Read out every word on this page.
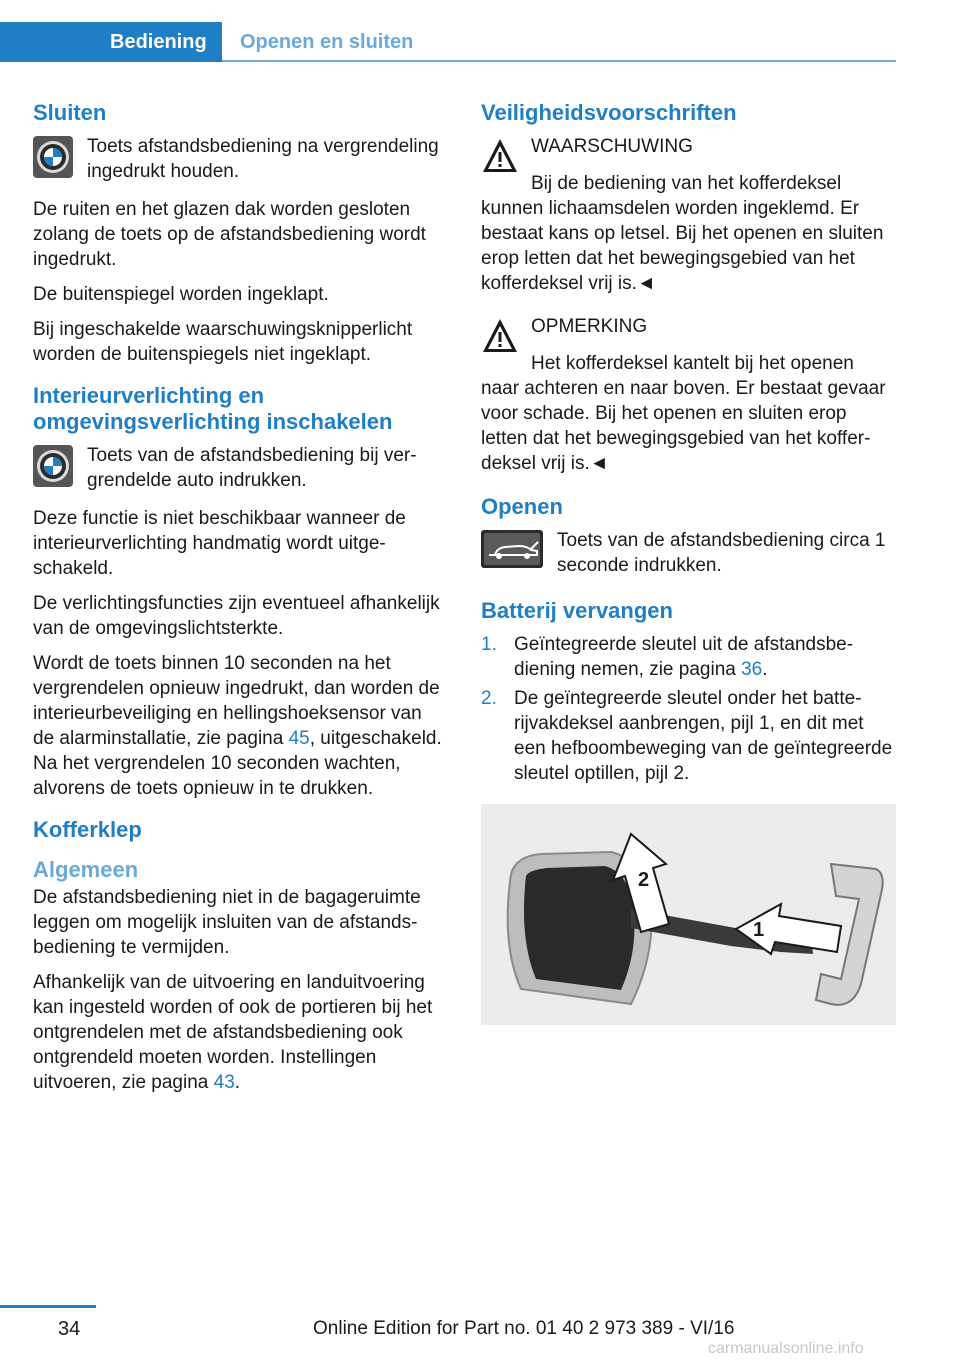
Bediening	Openen en sluiten
Sluiten
Toets afstandsbediening na vergrendeling ingedrukt houden.

De ruiten en het glazen dak worden gesloten zolang de toets op de afstandsbediening wordt ingedrukt.

De buitenspiegel worden ingeklapt.

Bij ingeschakelde waarschuwingsknipperlicht worden de buitenspiegels niet ingeklapt.

Interieurverlichting en omgevingsverlichting inschakelen
Toets van de afstandsbediening bij vergrendelde auto indrukken.

Deze functie is niet beschikbaar wanneer de interieurverlichting handmatig wordt uitgeschakeld.

De verlichtingsfuncties zijn eventueel afhankelijk van de omgevingslichtsterkte.

Wordt de toets binnen 10 seconden na het vergrendelen opnieuw ingedrukt, dan worden de interieurbeveiliging en hellingshoeksensor van de alarminstallatie, zie pagina 45, uitgeschakeld. Na het vergrendelen 10 seconden wachten, alvorens de toets opnieuw in te drukken.

Kofferklep
Algemeen

De afstandsbediening niet in de bagageruimte leggen om mogelijk insluiten van de afstandsbediening te vermijden.

Afhankelijk van de uitvoering en landuitvoering kan ingesteld worden of ook de portieren bij het ontgrendelen met de afstandsbediening ook ontgrendeld moeten worden. Instellingen uitvoeren, zie pagina 43.

Veiligheidsvoorschriften
WAARSCHUWING
Bij de bediening van het kofferdeksel kunnen lichaamsdelen worden ingeklemd. Er bestaat kans op letsel. Bij het openen en sluiten erop letten dat het bewegingsgebied van het kofferdeksel vrij is.◄
OPMERKING
Het kofferdeksel kantelt bij het openen naar achteren en naar boven. Er bestaat gevaar voor schade. Bij het openen en sluiten erop letten dat het bewegingsgebied van het kofferdeksel vrij is.◄
Openen
Toets van de afstandsbediening circa 1 seconde indrukken.
Batterij vervangen
1. Geïntegreerde sleutel uit de afstandsbediening nemen, zie pagina 36.
2. De geïntegreerde sleutel onder het batterijvakdeksel aanbrengen, pijl 1, en dit met een hefboombeweging van de geïntegreerde sleutel optillen, pijl 2.
2
1
34	Online Edition for Part no. 01 40 2 973 389 - VI/16
carmanualsonline.info
